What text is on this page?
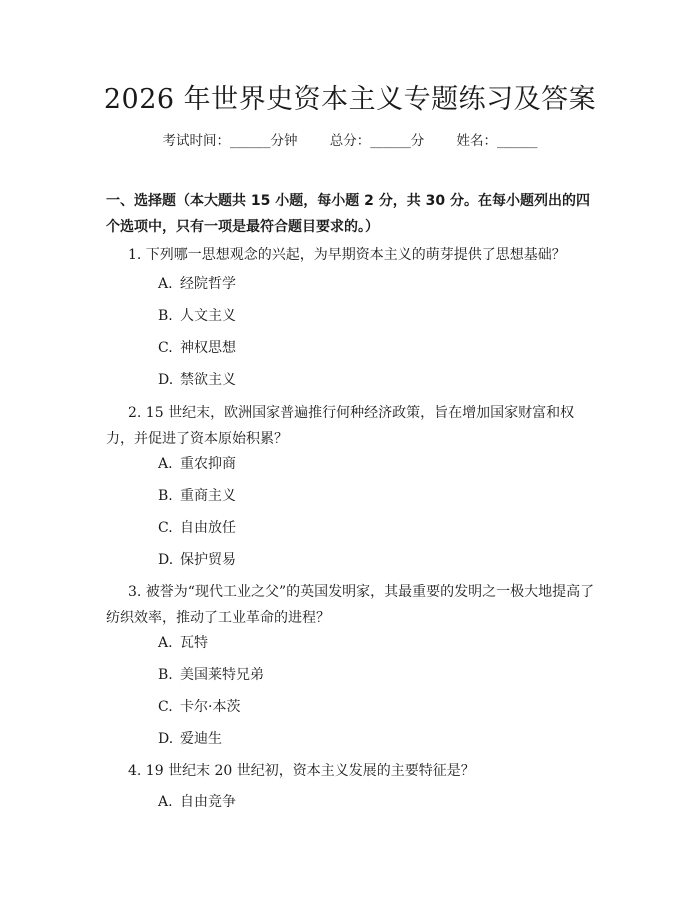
2026 年世界史资本主义专题练习及答案
考试时间：______分钟 总分：______分 姓名：______
一、选择题（本大题共 15 小题，每小题 2 分，共 30 分。在每小题列出的四个选项中，只有一项是最符合题目要求的。）
1. 下列哪一思想观念的兴起，为早期资本主义的萌芽提供了思想基础？
A. 经院哲学
B. 人文主义
C. 神权思想
D. 禁欲主义
2. 15 世纪末，欧洲国家普遍推行何种经济政策，旨在增加国家财富和权力，并促进了资本原始积累？
A. 重农抑商
B. 重商主义
C. 自由放任
D. 保护贸易
3. 被誉为“现代工业之父”的英国发明家，其最重要的发明之一极大地提高了纺织效率，推动了工业革命的进程？
A. 瓦特
B. 美国莱特兄弟
C. 卡尔·本茨
D. 爱迪生
4. 19 世纪末 20 世纪初，资本主义发展的主要特征是？
A. 自由竞争
